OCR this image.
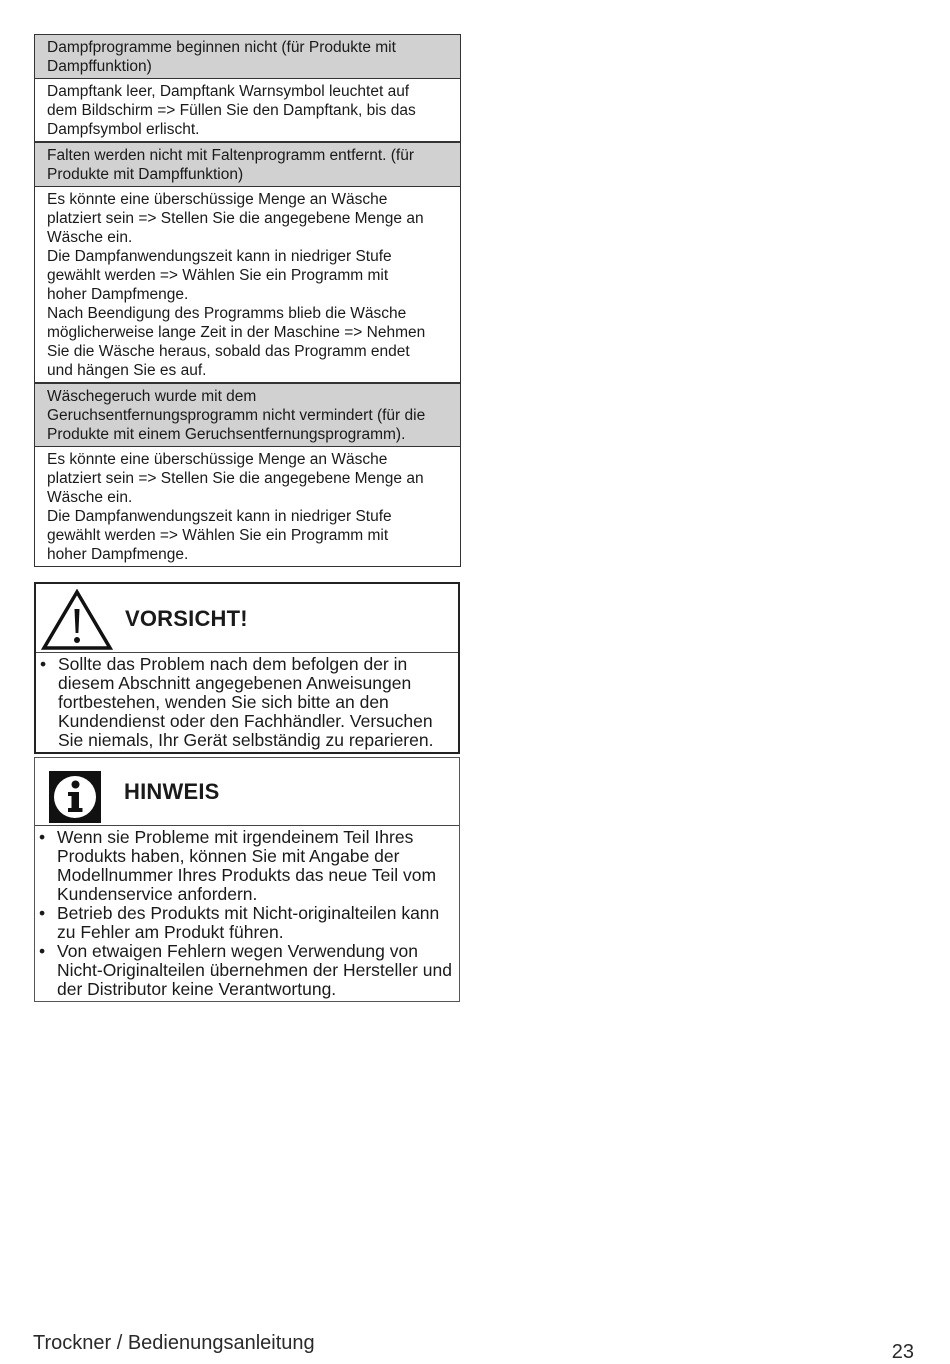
Dampfprogramme beginnen nicht (für Produkte mit
Dampffunktion)
Dampftank leer, Dampftank Warnsymbol leuchtet auf
dem Bildschirm => Füllen Sie den Dampftank, bis das
Dampfsymbol erlischt.
Falten werden nicht mit Faltenprogramm entfernt. (für
Produkte mit Dampffunktion)
Es könnte eine überschüssige Menge an Wäsche
platziert sein => Stellen Sie die angegebene Menge an
Wäsche ein.
Die Dampfanwendungszeit kann in niedriger Stufe
gewählt werden => Wählen Sie ein Programm mit
hoher Dampfmenge.
Nach Beendigung des Programms blieb die Wäsche
möglicherweise lange Zeit in der Maschine => Nehmen
Sie die Wäsche heraus, sobald das Programm endet
und hängen Sie es auf.
Wäschegeruch wurde mit dem
Geruchsentfernungsprogramm nicht vermindert (für die
Produkte mit einem Geruchsentfernungsprogramm).
Es könnte eine überschüssige Menge an Wäsche
platziert sein => Stellen Sie die angegebene Menge an
Wäsche ein.
Die Dampfanwendungszeit kann in niedriger Stufe
gewählt werden => Wählen Sie ein Programm mit
hoher Dampfmenge.
VORSICHT!
• Sollte das Problem nach dem befolgen der in diesem Abschnitt angegebenen Anweisungen fortbestehen, wenden Sie sich bitte an den Kundendienst oder den Fachhändler. Versuchen Sie niemals, Ihr Gerät selbständig zu reparieren.
HINWEIS
• Wenn sie Probleme mit irgendeinem Teil Ihres Produkts haben, können Sie mit Angabe der Modellnummer Ihres Produkts das neue Teil vom Kundenservice anfordern.
• Betrieb des Produkts mit Nicht-originalteilen kann zu Fehler am Produkt führen.
• Von etwaigen Fehlern wegen Verwendung von Nicht-Originalteilen übernehmen der Hersteller und der Distributor keine Verantwortung.
Trockner / Bedienungsanleitung	23
